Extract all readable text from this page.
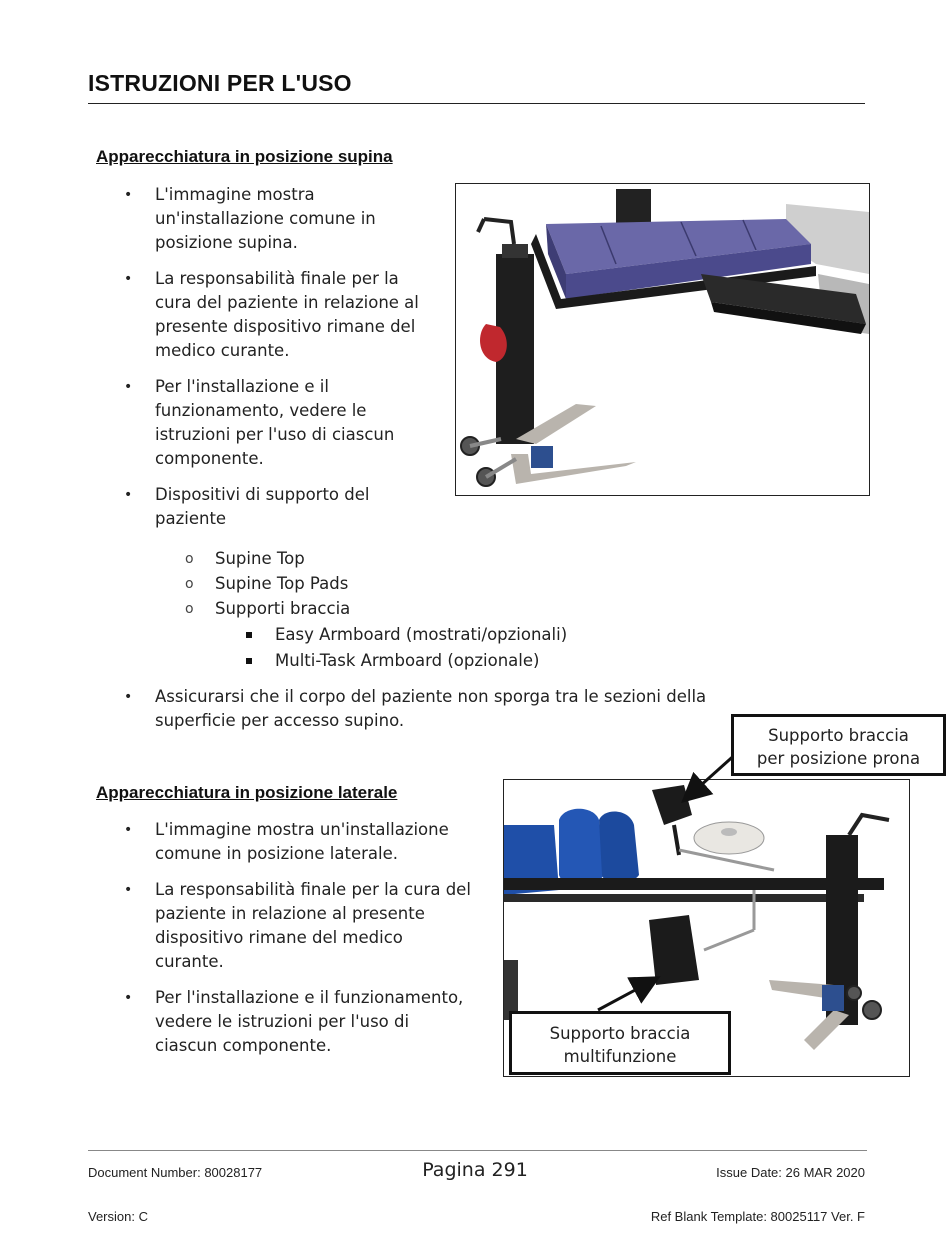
ISTRUZIONI PER L'USO
Apparecchiatura in posizione supina
• L'immagine mostra
un'installazione comune in
posizione supina.
• La responsabilità finale per la
cura del paziente in relazione al
presente dispositivo rimane del
medico curante.
• Per l'installazione e il
funzionamento, vedere le
istruzioni per l'uso di ciascun
componente.
• Dispositivi di supporto del
paziente
o Supine Top
o Supine Top Pads
o Supporti braccia
Easy Armboard (mostrati/opzionali)
Multi-Task Armboard (opzionale)
• Assicurarsi che il corpo del paziente non sporga tra le sezioni della
superficie per accesso supino.
Apparecchiatura in posizione laterale
• L'immagine mostra un'installazione
comune in posizione laterale.
• La responsabilità finale per la cura del
paziente in relazione al presente
dispositivo rimane del medico
curante.
• Per l'installazione e il funzionamento,
vedere le istruzioni per l'uso di
ciascun componente.
Supporto braccia
per posizione prona
Supporto braccia
multifunzione
Document Number: 80028177	Pagina 291	Issue Date: 26 MAR 2020
Version: C	Ref Blank Template: 80025117 Ver. F
